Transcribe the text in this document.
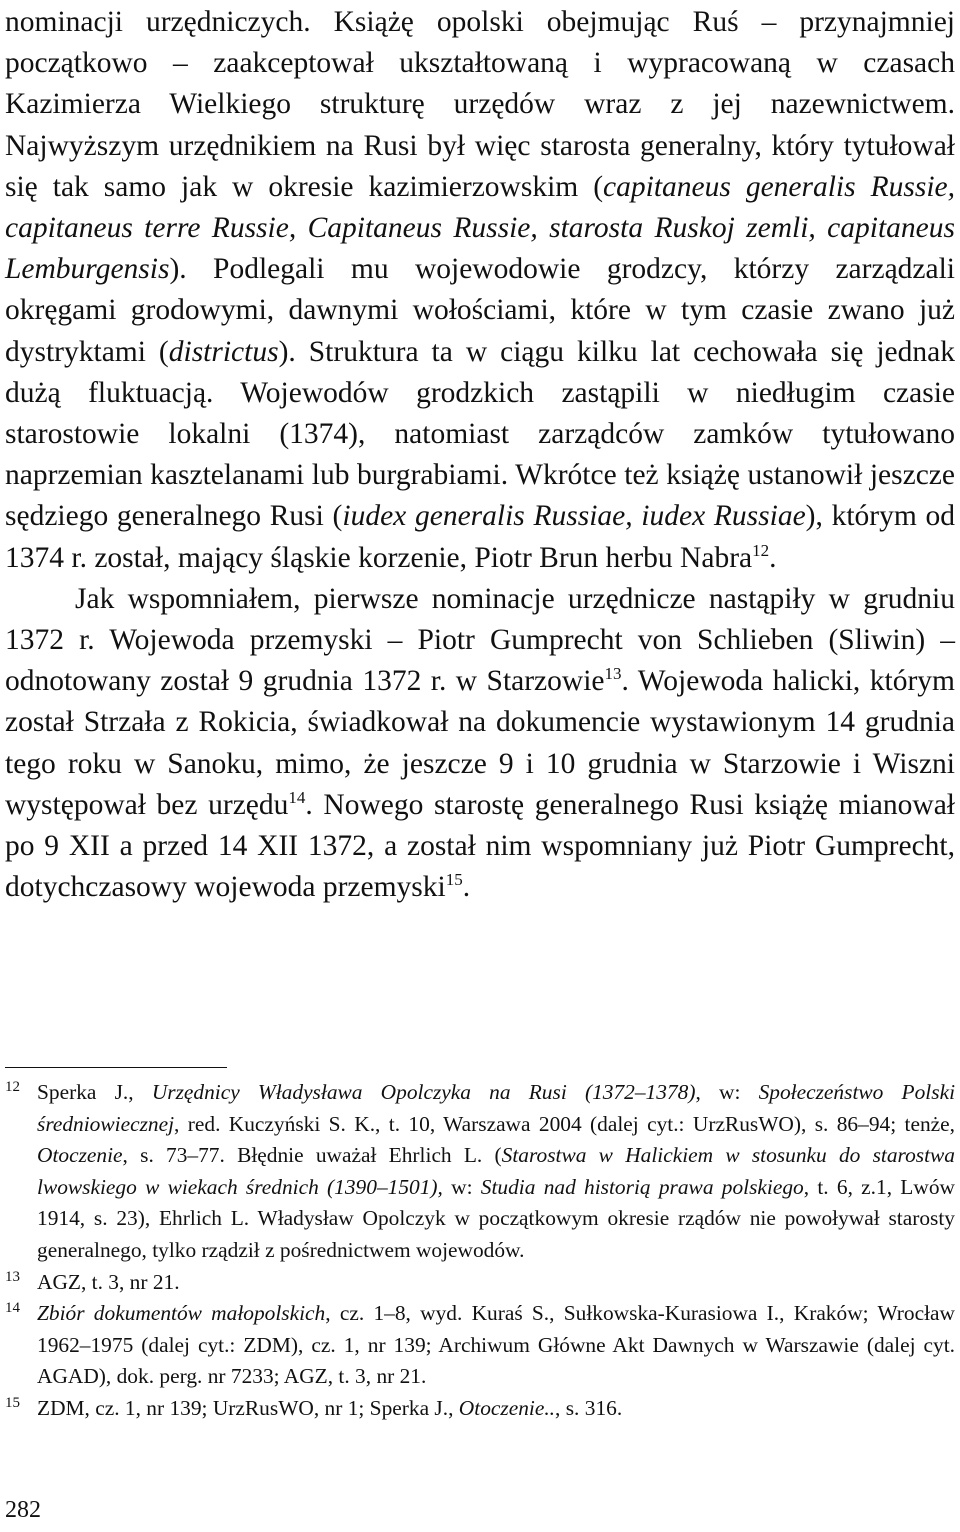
nominacji urzędniczych. Książę opolski obejmując Ruś – przynajmniej początkowo – zaakceptował ukształtowaną i wypracowaną w czasach Kazimierza Wielkiego strukturę urzędów wraz z jej nazewnictwem. Najwyższym urzędnikiem na Rusi był więc starosta generalny, który tytułował się tak samo jak w okresie kazimierzowskim (capitaneus generalis Russie, capitaneus terre Russie, Capitaneus Russie, starosta Ruskoj zemli, capitaneus Lemburgensis). Podlegali mu wojewodowie grodzcy, którzy zarządzali okręgami grodowymi, dawnymi wołościami, które w tym czasie zwano już dystryktami (districtus). Struktura ta w ciągu kilku lat cechowała się jednak dużą fluktuacją. Wojewodów grodzkich zastąpili w niedługim czasie starostowie lokalni (1374), natomiast zarządców zamków tytułowano naprzemian kasztelanami lub burgrabiami. Wkrótce też książę ustanowił jeszcze sędziego generalnego Rusi (iudex generalis Russiae, iudex Russiae), którym od 1374 r. został, mający śląskie korzenie, Piotr Brun herbu Nabra$^{12}$.

Jak wspomniałem, pierwsze nominacje urzędnicze nastąpiły w grudniu 1372 r. Wojewoda przemyski – Piotr Gumprecht von Schlieben (Sliwin) – odnotowany został 9 grudnia 1372 r. w Starzowie$^{13}$. Wojewoda halicki, którym został Strzała z Rokicia, świadkował na dokumencie wystawionym 14 grudnia tego roku w Sanoku, mimo, że jeszcze 9 i 10 grudnia w Starzowie i Wiszni występował bez urzędu$^{14}$. Nowego starostę generalnego Rusi książę mianował po 9 XII a przed 14 XII 1372, a został nim wspomniany już Piotr Gumprecht, dotychczasowy wojewoda przemyski$^{15}$.

12 Sperka J., Urzędnicy Władysława Opolczyka na Rusi (1372–1378), w: Społeczeństwo Polski średniowiecznej, red. Kuczyński S. K., t. 10, Warszawa 2004 (dalej cyt.: UrzRusWO), s. 86–94; tenże, Otoczenie, s. 73–77. Błędnie uważał Ehrlich L. (Starostwa w Halickiem w stosunku do starostwa lwowskiego w wiekach średnich (1390–1501), w: Studia nad historią prawa polskiego, t. 6, z.1, Lwów 1914, s. 23), Ehrlich L. Władysław Opolczyk w początkowym okresie rządów nie powoływał starosty generalnego, tylko rządził z pośrednictwem wojewodów.
13 AGZ, t. 3, nr 21.
14 Zbiór dokumentów małopolskich, cz. 1–8, wyd. Kuraś S., Sułkowska-Kurasiowa I., Kraków; Wrocław 1962–1975 (dalej cyt.: ZDM), cz. 1, nr 139; Archiwum Główne Akt Dawnych w Warszawie (dalej cyt. AGAD), dok. perg. nr 7233; AGZ, t. 3, nr 21.
15 ZDM, cz. 1, nr 139; UrzRusWO, nr 1; Sperka J., Otoczenie.., s. 316.
282
